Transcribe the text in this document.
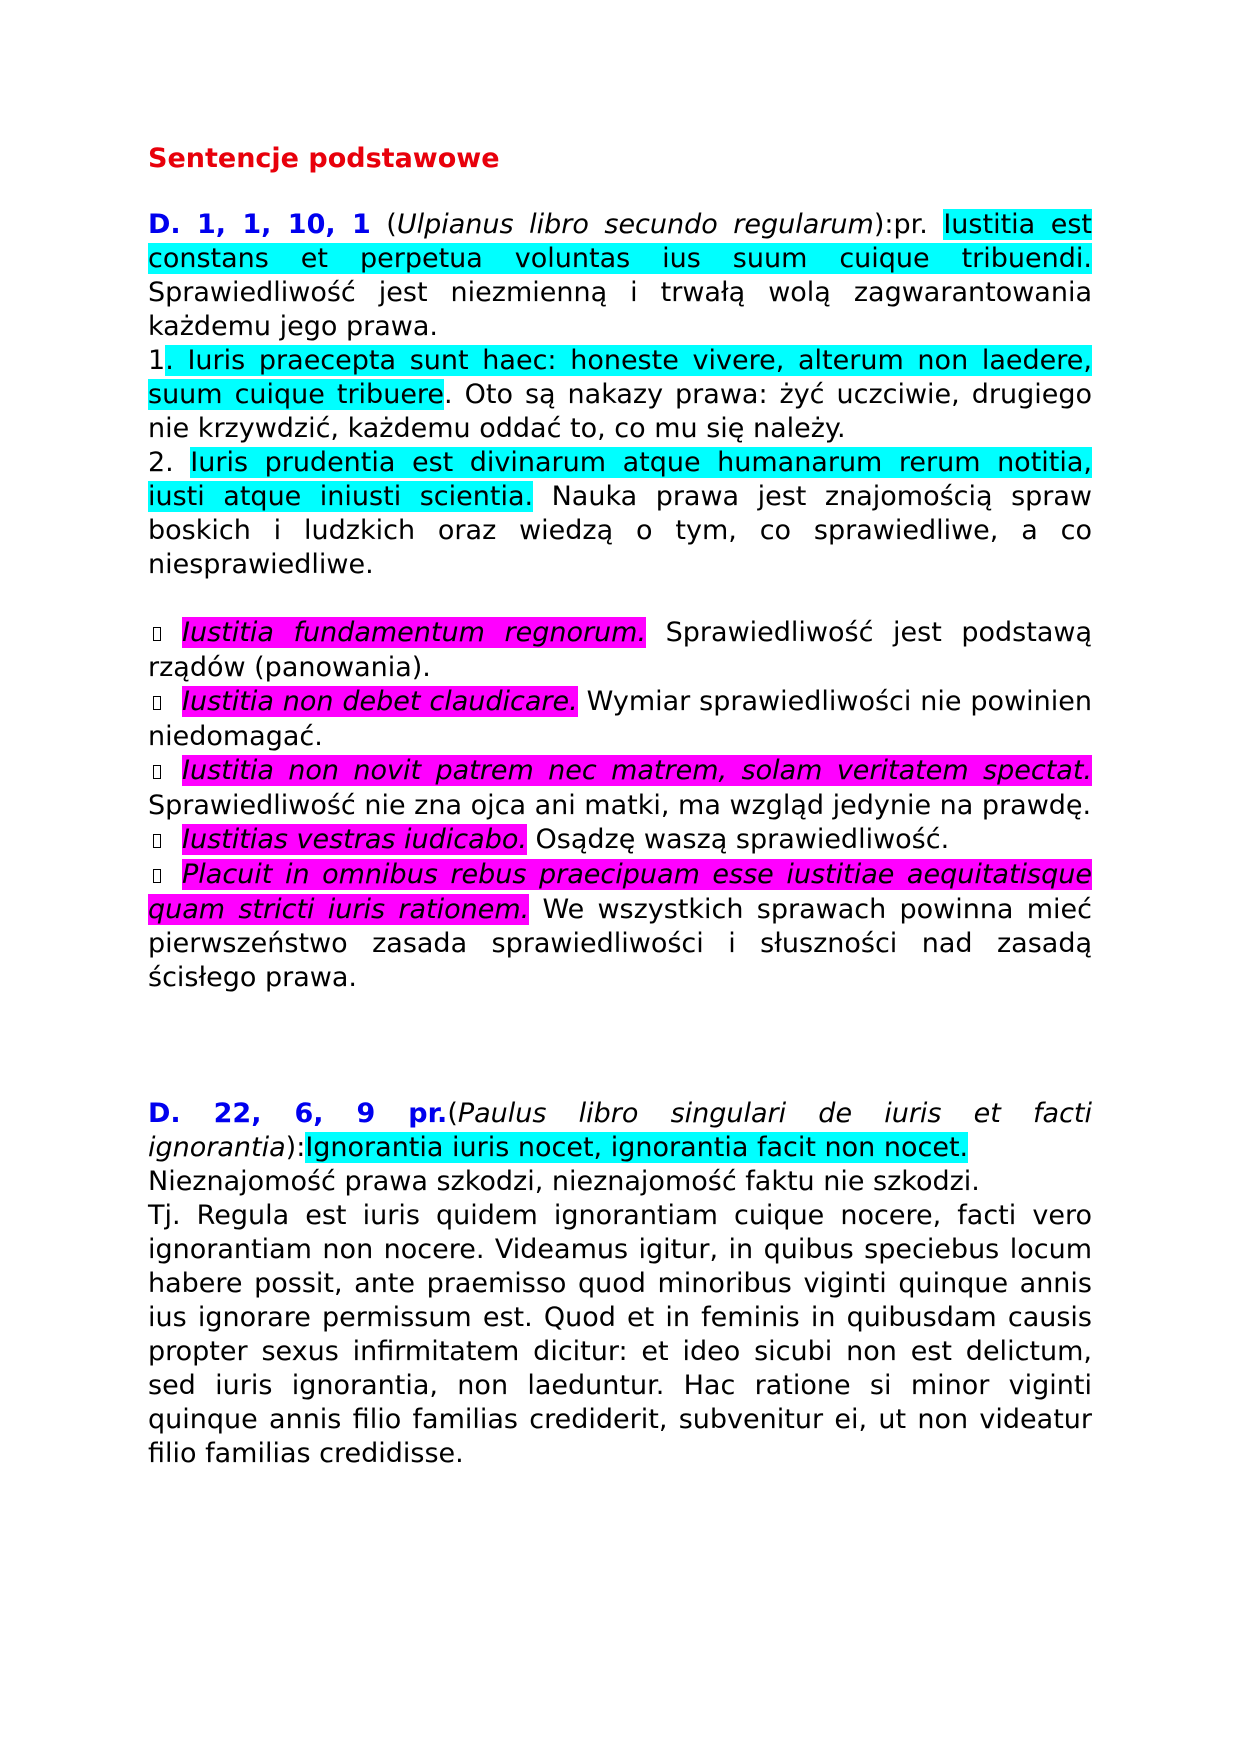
Sentencje podstawowe

D. 1, 1, 10, 1 (Ulpianus libro secundo regularum):pr. Iustitia est constans et perpetua voluntas ius suum cuique tribuendi. Sprawiedliwość jest niezmienną i trwałą wolą zagwarantowania każdemu jego prawa.

1. Iuris praecepta sunt haec: honeste vivere, alterum non laedere, suum cuique tribuere. Oto są nakazy prawa: żyć uczciwie, drugiego nie krzywdzić, każdemu oddać to, co mu się należy.

2. Iuris prudentia est divinarum atque humanarum rerum notitia, iusti atque iniusti scientia. Nauka prawa jest znajomością spraw boskich i ludzkich oraz wiedzą o tym, co sprawiedliwe, a co niesprawiedliwe.

Iustitia fundamentum regnorum. Sprawiedliwość jest podstawą rządów (panowania).

Iustitia non debet claudicare. Wymiar sprawiedliwości nie powinien niedomagać.

Iustitia non novit patrem nec matrem, solam veritatem spectat. Sprawiedliwość nie zna ojca ani matki, ma wzgląd jedynie na prawdę.

Iustitias vestras iudicabo. Osądzę waszą sprawiedliwość.

Placuit in omnibus rebus praecipuam esse iustitiae aequitatisque quam stricti iuris rationem. We wszystkich sprawach powinna mieć pierwszeństwo zasada sprawiedliwości i słuszności nad zasadą ścisłego prawa.

D. 22, 6, 9 pr.(Paulus libro singulari de iuris et facti ignorantia):Ignorantia iuris nocet, ignorantia facit non nocet.

Nieznajomość prawa szkodzi, nieznajomość faktu nie szkodzi.

Tj. Regula est iuris quidem ignorantiam cuique nocere, facti vero ignorantiam non nocere. Videamus igitur, in quibus speciebus locum habere possit, ante praemisso quod minoribus viginti quinque annis ius ignorare permissum est. Quod et in feminis in quibusdam causis propter sexus infirmitatem dicitur: et ideo sicubi non est delictum, sed iuris ignorantia, non laeduntur. Hac ratione si minor viginti quinque annis filio familias crediderit, subvenitur ei, ut non videatur filio familias credidisse.
